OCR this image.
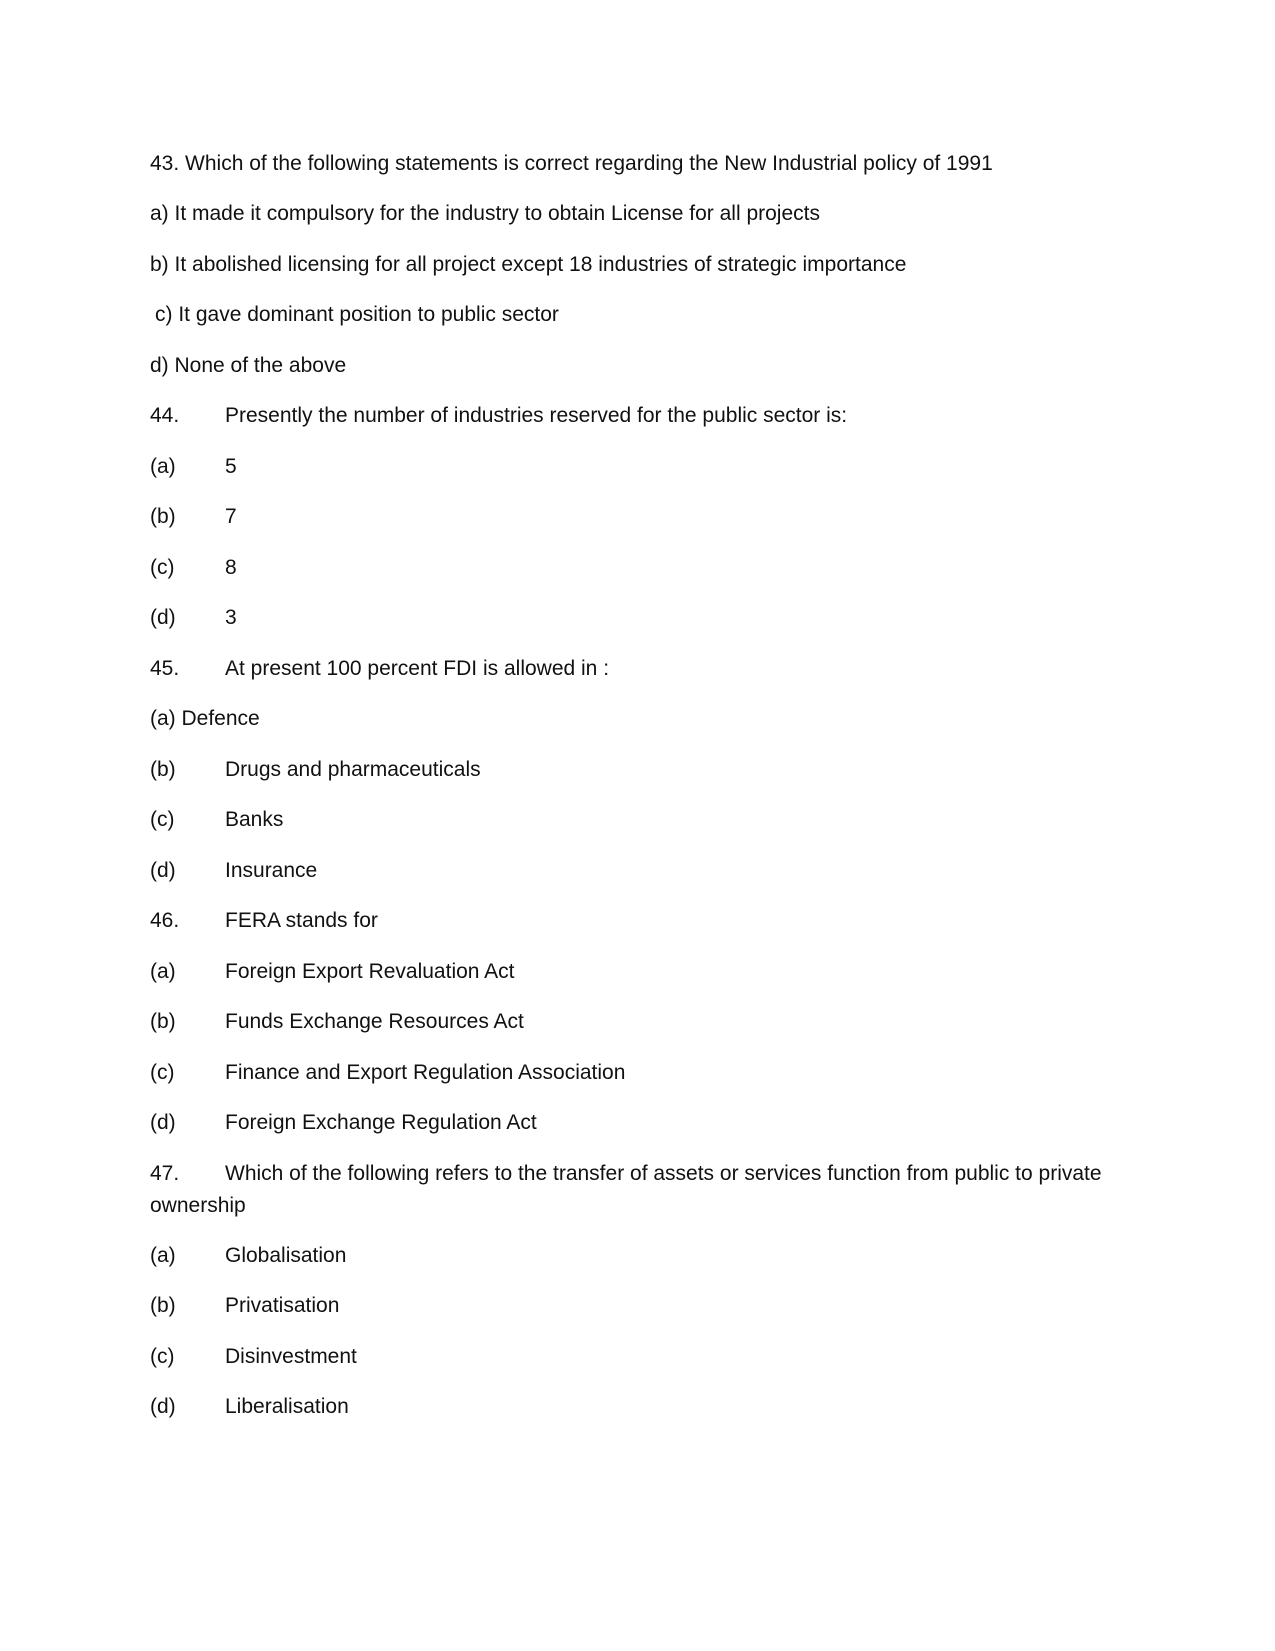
43. Which of the following statements is correct regarding the New Industrial policy of 1991
a) It made it compulsory for the industry to obtain License for all projects
b) It abolished licensing for all project except 18 industries of strategic importance
c) It gave dominant position to public sector
d) None of the above
44. Presently the number of industries reserved for the public sector is:
(a) 5
(b) 7
(c) 8
(d) 3
45. At present 100 percent FDI is allowed in :
(a) Defence
(b) Drugs and pharmaceuticals
(c) Banks
(d) Insurance
46. FERA stands for
(a) Foreign Export Revaluation Act
(b) Funds Exchange Resources Act
(c) Finance and Export Regulation Association
(d) Foreign Exchange Regulation Act
47. Which of the following refers to the transfer of assets or services function from public to private ownership
(a) Globalisation
(b) Privatisation
(c) Disinvestment
(d) Liberalisation
